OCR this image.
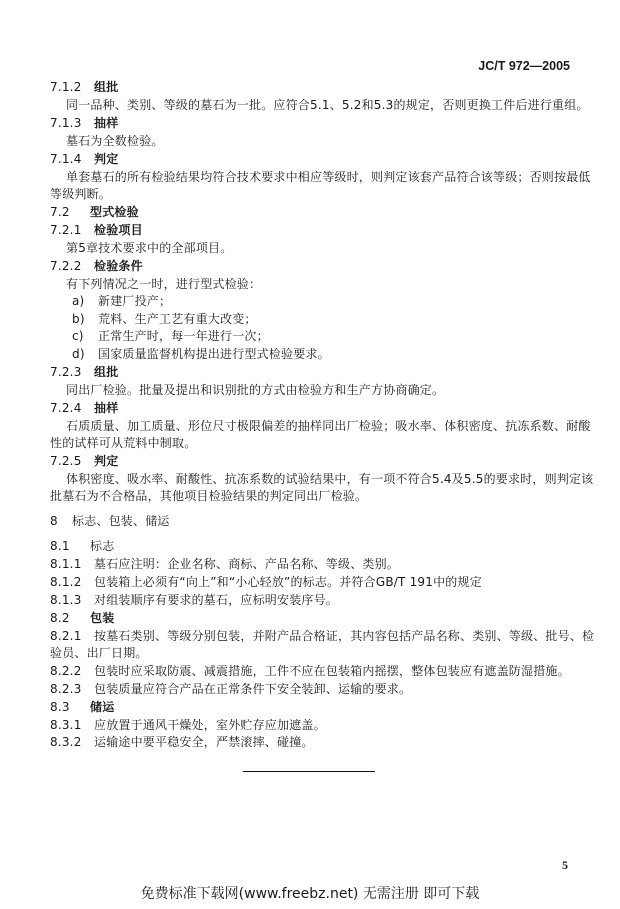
JC/T 972—2005
7.1.2 组批
同一品种、类别、等级的墓石为一批。应符合5.1、5.2和5.3的规定，否则更换工件后进行重组。
7.1.3 抽样
墓石为全数检验。
7.1.4 判定
单套墓石的所有检验结果均符合技术要求中相应等级时，则判定该套产品符合该等级；否则按最低
等级判断。
7.2 型式检验
7.2.1 检验项目
第5章技术要求中的全部项目。
7.2.2 检验条件
有下列情况之一时，进行型式检验：
a) 新建厂投产；
b) 荒料、生产工艺有重大改变；
c) 正常生产时，每一年进行一次；
d) 国家质量监督机构提出进行型式检验要求。
7.2.3 组批
同出厂检验。批量及提出和识别批的方式由检验方和生产方协商确定。
7.2.4 抽样
石质质量、加工质量、形位尺寸极限偏差的抽样同出厂检验；吸水率、体积密度、抗冻系数、耐酸
性的试样可从荒料中制取。
7.2.5 判定
体积密度、吸水率、耐酸性、抗冻系数的试验结果中，有一项不符合5.4及5.5的要求时，则判定该
批墓石为不合格品，其他项目检验结果的判定同出厂检验。
8 标志、包装、储运
8.1 标志
8.1.1 墓石应注明：企业名称、商标、产品名称、等级、类别。
8.1.2 包装箱上必须有“向上”和“小心轻放”的标志。并符合GB/T 191中的规定
8.1.3 对组装顺序有要求的墓石，应标明安装序号。
8.2 包装
8.2.1 按墓石类别、等级分别包装，并附产品合格证，其内容包括产品名称、类别、等级、批号、检
验员、出厂日期。
8.2.2 包装时应采取防震、减震措施，工件不应在包装箱内摇摆，整体包装应有遮盖防湿措施。
8.2.3 包装质量应符合产品在正常条件下安全装卸、运输的要求。
8.3 储运
8.3.1 应放置于通风干燥处，室外贮存应加遮盖。
8.3.2 运输途中要平稳安全，严禁滚摔、碰撞。
5
免费标准下载网(www.freebz.net) 无需注册 即可下载
